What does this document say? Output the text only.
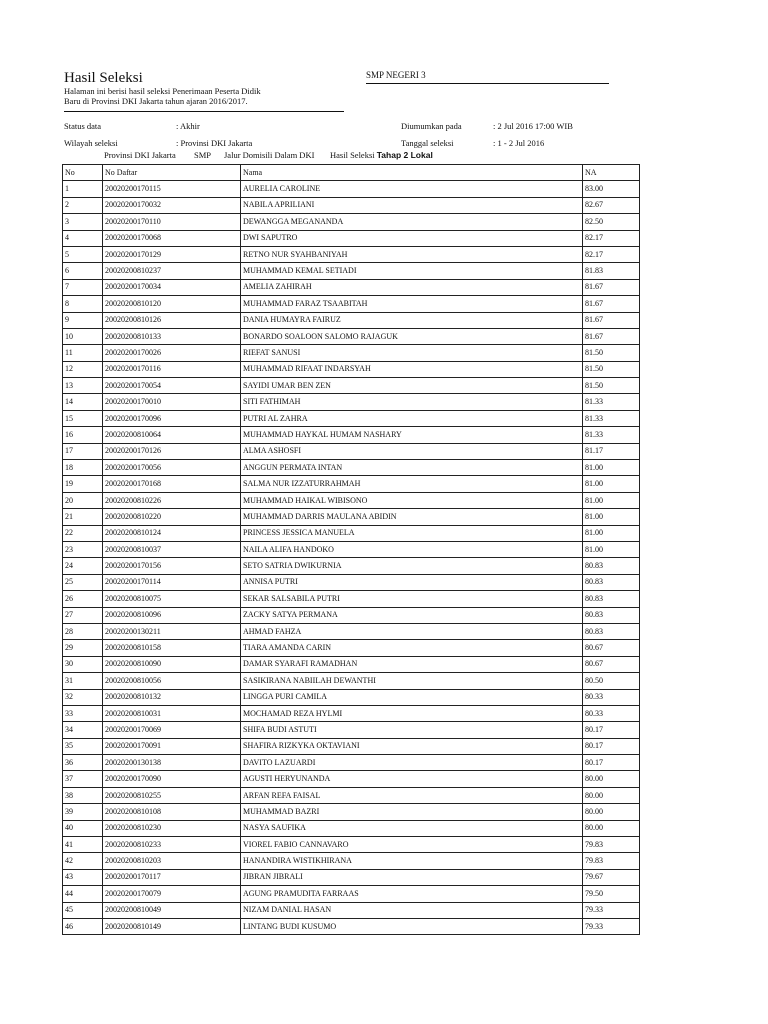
Hasil Seleksi
Halaman ini berisi hasil seleksi Penerimaan Peserta Didik
Baru di Provinsi DKI Jakarta tahun ajaran 2016/2017.
SMP NEGERI 3
Status data	: Akhir	Diumumkan pada	: 2 Jul 2016 17:00 WIB
Wilayah seleksi	: Provinsi DKI Jakarta	Tanggal seleksi	: 1 - 2 Jul 2016
Provinsi DKI Jakarta SMP Jalur Domisili Dalam DKI Hasil Seleksi Tahap 2 Lokal
No	No Daftar	Nama	NA
1	20020200170115	AURELIA CAROLINE	83.00
2	20020200170032	NABILA APRILIANI	82.67
3	20020200170110	DEWANGGA MEGANANDA	82.50
4	20020200170068	DWI SAPUTRO	82.17
5	20020200170129	RETNO NUR SYAHBANIYAH	82.17
6	20020200810237	MUHAMMAD KEMAL SETIADI	81.83
7	20020200170034	AMELIA ZAHIRAH	81.67
8	20020200810120	MUHAMMAD FARAZ TSAABITAH	81.67
9	20020200810126	DANIA HUMAYRA FAIRUZ	81.67
10	20020200810133	BONARDO SOALOON SALOMO RAJAGUK	81.67
11	20020200170026	RIEFAT SANUSI	81.50
12	20020200170116	MUHAMMAD RIFAAT INDARSYAH	81.50
13	20020200170054	SAYIDI UMAR BEN ZEN	81.50
14	20020200170010	SITI FATHIMAH	81.33
15	20020200170096	PUTRI AL ZAHRA	81.33
16	20020200810064	MUHAMMAD HAYKAL HUMAM NASHARY	81.33
17	20020200170126	ALMA ASHOSFI	81.17
18	20020200170056	ANGGUN PERMATA INTAN	81.00
19	20020200170168	SALMA NUR IZZATURRAHMAH	81.00
20	20020200810226	MUHAMMAD HAIKAL WIBISONO	81.00
21	20020200810220	MUHAMMAD DARRIS MAULANA ABIDIN	81.00
22	20020200810124	PRINCESS JESSICA MANUELA	81.00
23	20020200810037	NAILA ALIFA HANDOKO	81.00
24	20020200170156	SETO SATRIA DWIKURNIA	80.83
25	20020200170114	ANNISA PUTRI	80.83
26	20020200810075	SEKAR SALSABILA PUTRI	80.83
27	20020200810096	ZACKY SATYA PERMANA	80.83
28	20020200130211	AHMAD FAHZA	80.83
29	20020200810158	TIARA AMANDA CARIN	80.67
30	20020200810090	DAMAR SYARAFI RAMADHAN	80.67
31	20020200810056	SASIKIRANA NABIILAH DEWANTHI	80.50
32	20020200810132	LINGGA PURI CAMILA	80.33
33	20020200810031	MOCHAMAD REZA HYLMI	80.33
34	20020200170069	SHIFA BUDI ASTUTI	80.17
35	20020200170091	SHAFIRA RIZKYKA OKTAVIANI	80.17
36	20020200130138	DAVITO LAZUARDI	80.17
37	20020200170090	AGUSTI HERYUNANDA	80.00
38	20020200810255	ARFAN REFA FAISAL	80.00
39	20020200810108	MUHAMMAD BAZRI	80.00
40	20020200810230	NASYA SAUFIKA	80.00
41	20020200810233	VIOREL FABIO CANNAVARO	79.83
42	20020200810203	HANANDIRA WISTIKHIRANA	79.83
43	20020200170117	JIBRAN JIBRALI	79.67
44	20020200170079	AGUNG PRAMUDITA FARRAAS	79.50
45	20020200810049	NIZAM DANIAL HASAN	79.33
46	20020200810149	LINTANG BUDI KUSUMO	79.33
